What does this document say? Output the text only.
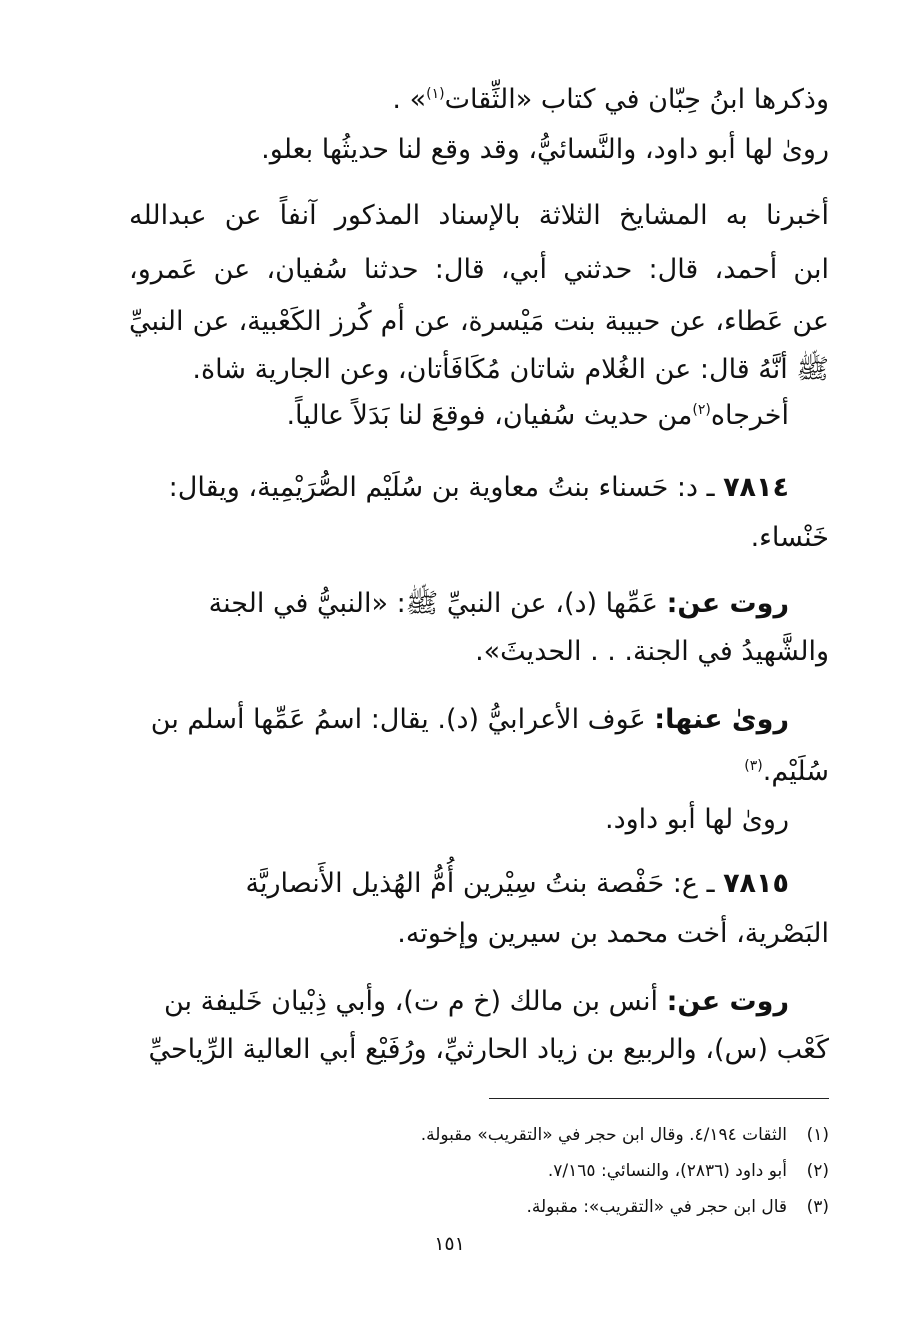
وذكرها ابنُ حِبّان في كتاب «الثِّقات$^{(١)}$» .
روىٰ لها أبو داود، والنَّسائيُّ، وقد وقع لنا حديثُها بعلو.
أخبرنا به المشايخ الثلاثة بالإسناد المذكور آنفاً عن عبدالله
ابن أحمد، قال: حدثني أبي، قال: حدثنا سُفيان، عن عَمرو،
عن عَطاء، عن حبيبة بنت مَيْسرة، عن أم كُرز الكَعْبية، عن النبيِّ
ﷺ أنَّهُ قال: عن الغُلام شاتان مُكَافَأتان، وعن الجارية شاة.
أخرجاه$^{(٢)}$من حديث سُفيان، فوقعَ لنا بَدَلاً عالياً.
٧٨١٤ ـ د: حَسناء بنتُ معاوية بن سُلَيْم الصُّرَيْمِية، ويقال:
خَنْساء.
روت عن: عَمِّها (د)، عن النبيِّ ﷺ: «النبيُّ في الجنة
والشَّهيدُ في الجنة. . . الحديثَ».
روىٰ عنها: عَوف الأعرابيُّ (د). يقال: اسمُ عَمِّها أسلم بن
سُلَيْم.$^{(٣)}$
روىٰ لها أبو داود.
٧٨١٥ ـ ع: حَفْصة بنتُ سِيْرين أُمُّ الهُذيل الأَنصاريَّة
البَصْرية، أخت محمد بن سيرين وإخوته.
روت عن: أنس بن مالك (خ م ت)، وأبي ذِبْيان خَليفة بن
كَعْب (س)، والربيع بن زياد الحارثيِّ، ورُفَيْع أبي العالية الرِّياحيِّ
(١)الثقات ٤/١٩٤. وقال ابن حجر في «التقريب» مقبولة.
(٢)أبو داود (٢٨٣٦)، والنسائي: ٧/١٦٥.
(٣)قال ابن حجر في «التقريب»: مقبولة.
١٥١
